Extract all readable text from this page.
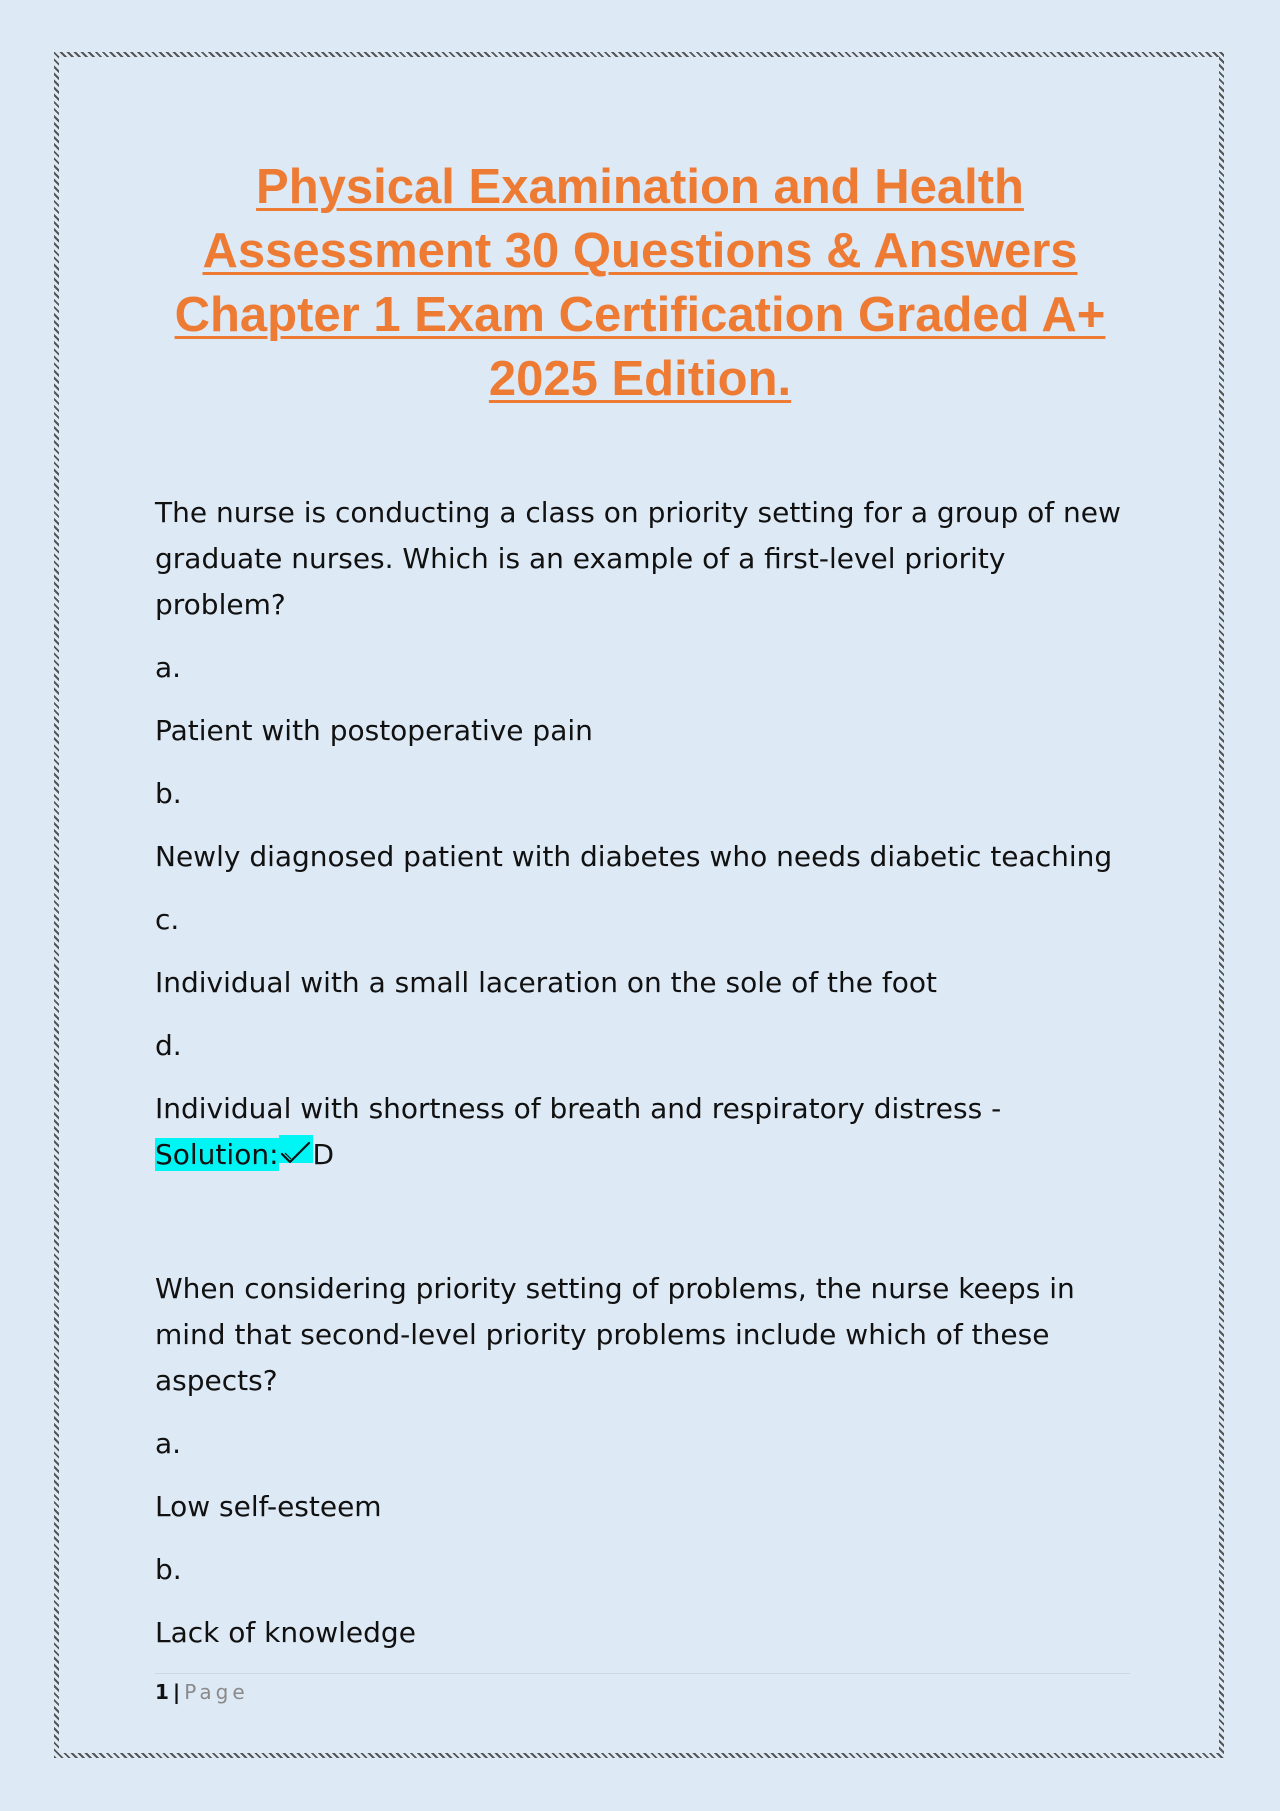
Physical Examination and Health Assessment 30 Questions & Answers Chapter 1 Exam Certification Graded A+ 2025 Edition.

The nurse is conducting a class on priority setting for a group of new graduate nurses. Which is an example of a first-level priority problem?

a.

Patient with postoperative pain

b.

Newly diagnosed patient with diabetes who needs diabetic teaching

c.

Individual with a small laceration on the sole of the foot

d.

Individual with shortness of breath and respiratory distress -

Solution: D

When considering priority setting of problems, the nurse keeps in mind that second-level priority problems include which of these aspects?

a.

Low self-esteem

b.

Lack of knowledge

1 | Page
